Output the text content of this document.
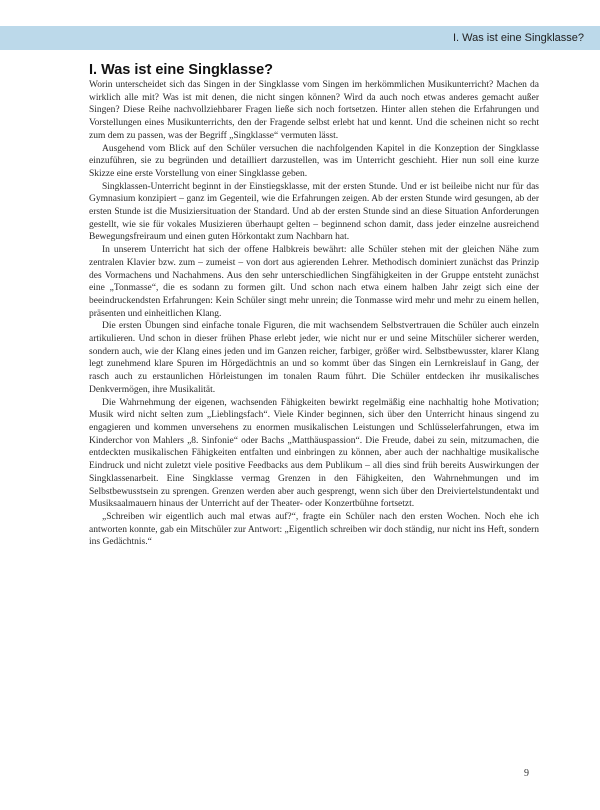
I. Was ist eine Singklasse?
I. Was ist eine Singklasse?

Worin unterscheidet sich das Singen in der Singklasse vom Singen im herkömmlichen Musikunterricht? Machen da wirklich alle mit? Was ist mit denen, die nicht singen können? Wird da auch noch etwas anderes gemacht außer Singen? Diese Reihe nachvollziehbarer Fragen ließe sich noch fortsetzen. Hinter allen stehen die Erfahrungen und Vorstellungen eines Musikunterrichts, den der Fragende selbst erlebt hat und kennt. Und die scheinen nicht so recht zum dem zu passen, was der Begriff „Singklasse“ vermuten lässt.

Ausgehend vom Blick auf den Schüler versuchen die nachfolgenden Kapitel in die Konzeption der Singklasse einzuführen, sie zu begründen und detailliert darzustellen, was im Unterricht geschieht. Hier nun soll eine kurze Skizze eine erste Vorstellung von einer Singklasse geben.

Singklassen-Unterricht beginnt in der Einstiegsklasse, mit der ersten Stunde. Und er ist beileibe nicht nur für das Gymnasium konzipiert – ganz im Gegenteil, wie die Erfahrungen zeigen. Ab der ersten Stunde wird gesungen, ab der ersten Stunde ist die Musiziersituation der Standard. Und ab der ersten Stunde sind an diese Situation Anforderungen gestellt, wie sie für vokales Musizieren überhaupt gelten – beginnend schon damit, dass jeder einzelne ausreichend Bewegungsfreiraum und einen guten Hörkontakt zum Nachbarn hat.

In unserem Unterricht hat sich der offene Halbkreis bewährt: alle Schüler stehen mit der gleichen Nähe zum zentralen Klavier bzw. zum – zumeist – von dort aus agierenden Lehrer. Methodisch dominiert zunächst das Prinzip des Vormachens und Nachahmens. Aus den sehr unterschiedlichen Singfähigkeiten in der Gruppe entsteht zunächst eine „Tonmasse“, die es sodann zu formen gilt. Und schon nach etwa einem halben Jahr zeigt sich eine der beeindruckendsten Erfahrungen: Kein Schüler singt mehr unrein; die Tonmasse wird mehr und mehr zu einem hellen, präsenten und einheitlichen Klang.

Die ersten Übungen sind einfache tonale Figuren, die mit wachsendem Selbstvertrauen die Schüler auch einzeln artikulieren. Und schon in dieser frühen Phase erlebt jeder, wie nicht nur er und seine Mitschüler sicherer werden, sondern auch, wie der Klang eines jeden und im Ganzen reicher, farbiger, größer wird. Selbstbewusster, klarer Klang legt zunehmend klare Spuren im Hörgedächtnis an und so kommt über das Singen ein Lernkreislauf in Gang, der rasch auch zu erstaunlichen Hörleistungen im tonalen Raum führt. Die Schüler entdecken ihr musikalisches Denkvermögen, ihre Musikalität.

Die Wahrnehmung der eigenen, wachsenden Fähigkeiten bewirkt regelmäßig eine nachhaltig hohe Motivation; Musik wird nicht selten zum „Lieblingsfach“. Viele Kinder beginnen, sich über den Unterricht hinaus singend zu engagieren und kommen unversehens zu enormen musikalischen Leistungen und Schlüsselerfahrungen, etwa im Kinderchor von Mahlers „8. Sinfonie“ oder Bachs „Matthäuspassion“. Die Freude, dabei zu sein, mitzumachen, die entdeckten musikalischen Fähigkeiten entfalten und einbringen zu können, aber auch der nachhaltige musikalische Eindruck und nicht zuletzt viele positive Feedbacks aus dem Publikum – all dies sind früh bereits Auswirkungen der Singklassenarbeit. Eine Singklasse vermag Grenzen in den Fähigkeiten, den Wahrnehmungen und im Selbstbewusstsein zu sprengen. Grenzen werden aber auch gesprengt, wenn sich über den Dreiviertelstundentakt und Musiksaalmauern hinaus der Unterricht auf der Theater- oder Konzertbühne fortsetzt.

„Schreiben wir eigentlich auch mal etwas auf?“, fragte ein Schüler nach den ersten Wochen. Noch ehe ich antworten konnte, gab ein Mitschüler zur Antwort: „Eigentlich schreiben wir doch ständig, nur nicht ins Heft, sondern ins Gedächtnis.“

9
